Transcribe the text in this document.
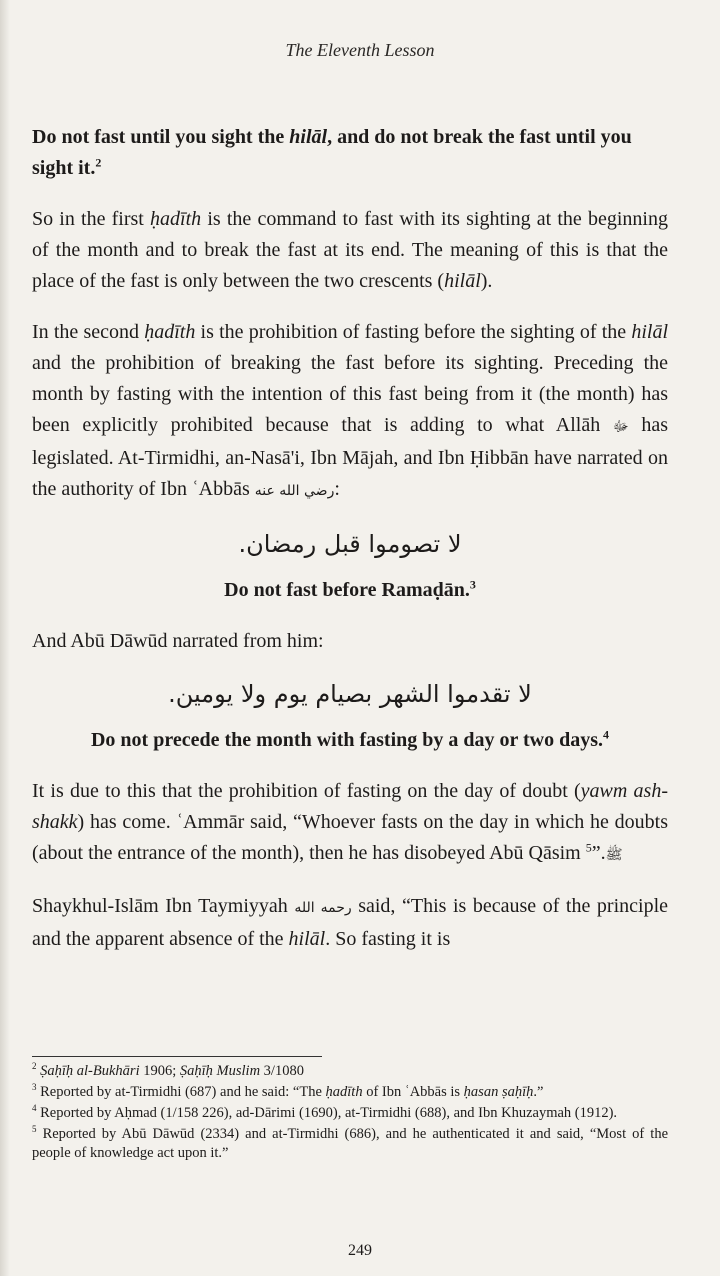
The Eleventh Lesson

Do not fast until you sight the hilāl, and do not break the fast until you sight it.$^2$

So in the first ḥadīth is the command to fast with its sighting at the beginning of the month and to break the fast at its end. The meaning of this is that the place of the fast is only between the two crescents (hilāl).

In the second ḥadīth is the prohibition of fasting before the sighting of the hilāl and the prohibition of breaking the fast before its sighting. Preceding the month by fasting with the intention of this fast being from it (the month) has been explicitly prohibited because that is adding to what Allāh ﷻ has legislated. At-Tirmidhi, an-Nasā'i, Ibn Mājah, and Ibn Ḥibbān have narrated on the authority of Ibn ʿAbbās رضي الله عنه:

لا تصوموا قبل رمضان.

Do not fast before Ramaḍān.$^3$

And Abū Dāwūd narrated from him:

لا تقدموا الشهر بصيام يوم ولا يومين.

Do not precede the month with fasting by a day or two days.$^4$

It is due to this that the prohibition of fasting on the day of doubt (yawm ash-shakk) has come. ʿAmmār said, “Whoever fasts on the day in which he doubts (about the entrance of the month), then he has disobeyed Abū Qāsim ﷺ.”$^5$

Shaykhul-Islām Ibn Taymiyyah رحمه الله said, “This is because of the principle and the apparent absence of the hilāl. So fasting it is

$^2$ Ṣaḥīḥ al-Bukhāri 1906; Ṣaḥīḥ Muslim 3/1080
$^3$ Reported by at-Tirmidhi (687) and he said: “The ḥadīth of Ibn ʿAbbās is ḥasan ṣaḥīḥ.”
$^4$ Reported by Aḥmad (1/158 226), ad-Dārimi (1690), at-Tirmidhi (688), and Ibn Khuzaymah (1912).
$^5$ Reported by Abū Dāwūd (2334) and at-Tirmidhi (686), and he authenticated it and said, “Most of the people of knowledge act upon it.”
249
